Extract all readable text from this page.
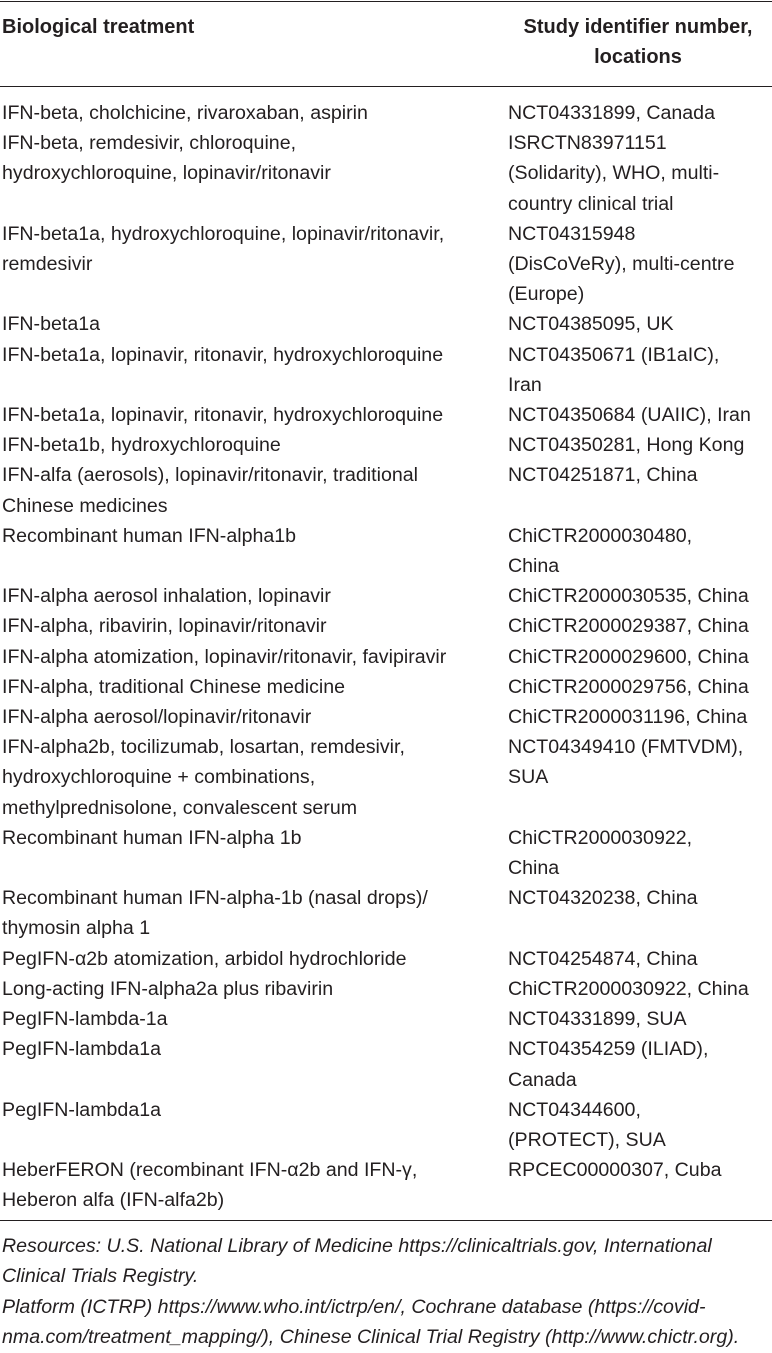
Biological treatment	Study identifier number,
locations

IFN-beta, cholchicine, rivaroxaban, aspirin	NCT04331899, Canada
IFN-beta, remdesivir, chloroquine,
hydroxychloroquine, lopinavir/ritonavir	ISRCTN83971151
(Solidarity), WHO, multi-
country clinical trial
IFN-beta1a, hydroxychloroquine, lopinavir/ritonavir,
remdesivir	NCT04315948
(DisCoVeRy), multi-centre
(Europe)
IFN-beta1a	NCT04385095, UK
IFN-beta1a, lopinavir, ritonavir, hydroxychloroquine	NCT04350671 (IB1aIC),
Iran
IFN-beta1a, lopinavir, ritonavir, hydroxychloroquine	NCT04350684 (UAIIC), Iran
IFN-beta1b, hydroxychloroquine	NCT04350281, Hong Kong
IFN-alfa (aerosols), lopinavir/ritonavir, traditional
Chinese medicines	NCT04251871, China
Recombinant human IFN-alpha1b	ChiCTR2000030480,
China
IFN-alpha aerosol inhalation, lopinavir	ChiCTR2000030535, China
IFN-alpha, ribavirin, lopinavir/ritonavir	ChiCTR2000029387, China
IFN-alpha atomization, lopinavir/ritonavir, favipiravir	ChiCTR2000029600, China
IFN-alpha, traditional Chinese medicine	ChiCTR2000029756, China
IFN-alpha aerosol/lopinavir/ritonavir	ChiCTR2000031196, China
IFN-alpha2b, tocilizumab, losartan, remdesivir,
hydroxychloroquine + combinations,
methylprednisolone, convalescent serum	NCT04349410 (FMTVDM),
SUA
Recombinant human IFN-alpha 1b	ChiCTR2000030922,
China
Recombinant human IFN-alpha-1b (nasal drops)/
thymosin alpha 1	NCT04320238, China
PegIFN-α2b atomization, arbidol hydrochloride	NCT04254874, China
Long-acting IFN-alpha2a plus ribavirin	ChiCTR2000030922, China
PegIFN-lambda-1a	NCT04331899, SUA
PegIFN-lambda1a	NCT04354259 (ILIAD),
Canada
PegIFN-lambda1a	NCT04344600,
(PROTECT), SUA
HeberFERON (recombinant IFN-α2b and IFN-γ,
Heberon alfa (IFN-alfa2b)	RPCEC00000307, Cuba

Resources: U.S. National Library of Medicine https://clinicaltrials.gov, International Clinical Trials Registry.

Platform (ICTRP) https://www.who.int/ictrp/en/, Cochrane database (https://covid-nma.com/treatment_mapping/), Chinese Clinical Trial Registry (http://www.chictr.org).
